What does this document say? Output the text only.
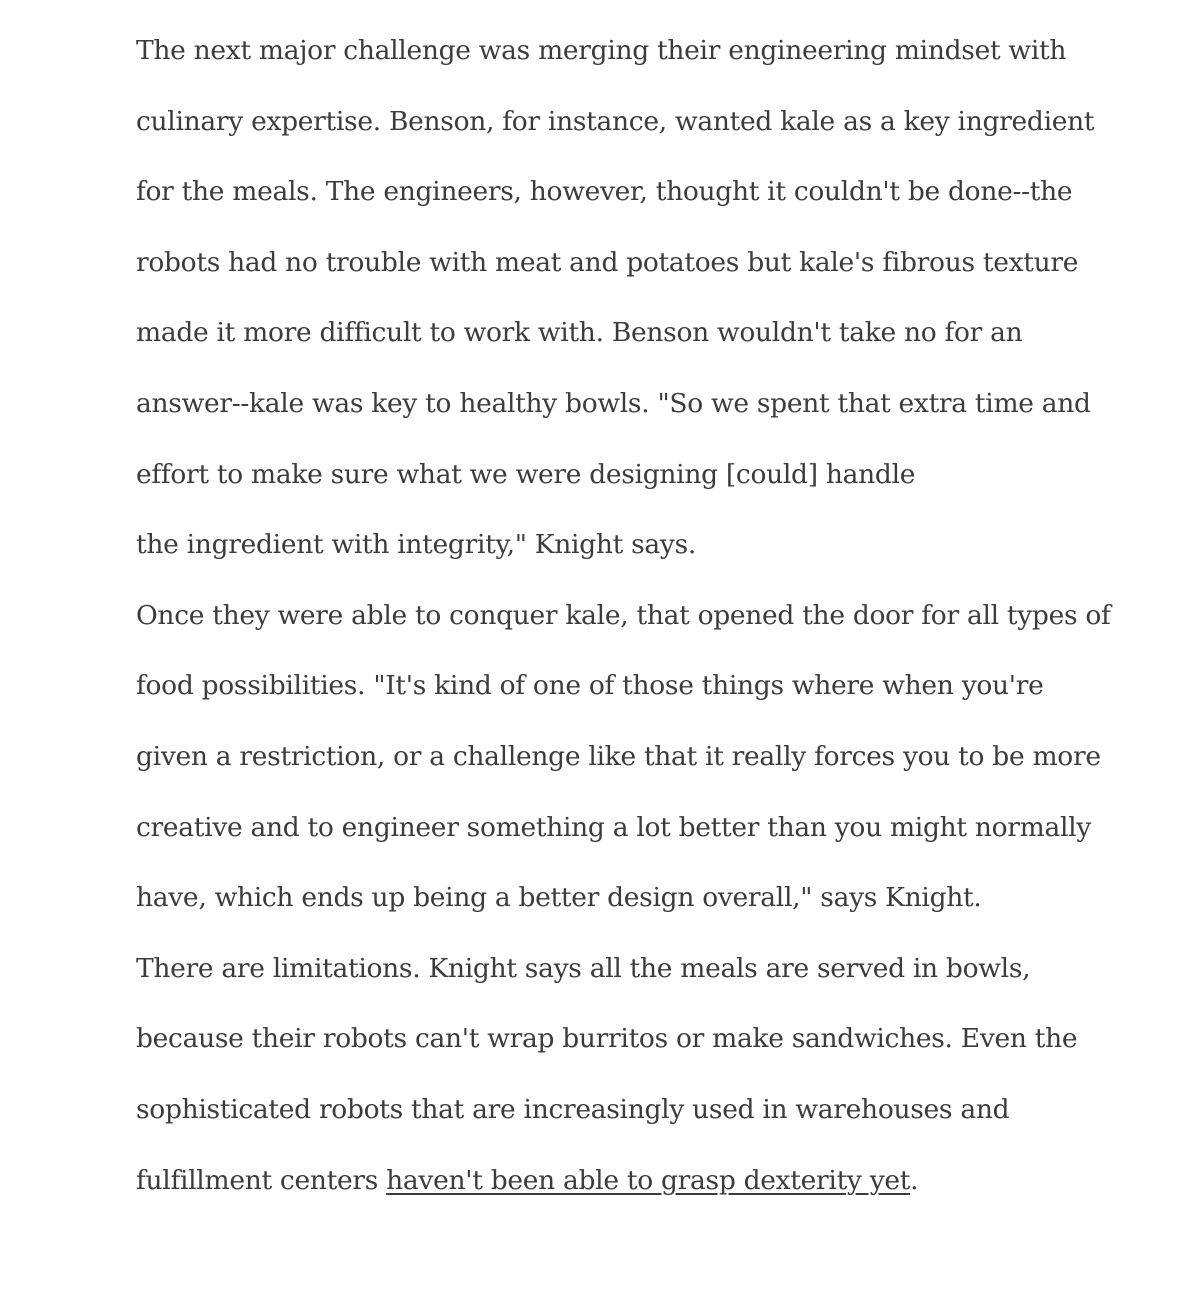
The next major challenge was merging their engineering mindset with
culinary expertise. Benson, for instance, wanted kale as a key ingredient
for the meals. The engineers, however, thought it couldn't be done--the
robots had no trouble with meat and potatoes but kale's fibrous texture
made it more difficult to work with. Benson wouldn't take no for an
answer--kale was key to healthy bowls. "So we spent that extra time and
effort to make sure what we were designing [could] handle
the ingredient with integrity," Knight says.
Once they were able to conquer kale, that opened the door for all types of
food possibilities. "It's kind of one of those things where when you're
given a restriction, or a challenge like that it really forces you to be more
creative and to engineer something a lot better than you might normally
have, which ends up being a better design overall," says Knight.
There are limitations. Knight says all the meals are served in bowls,
because their robots can't wrap burritos or make sandwiches. Even the
sophisticated robots that are increasingly used in warehouses and
fulfillment centers haven't been able to grasp dexterity yet.
